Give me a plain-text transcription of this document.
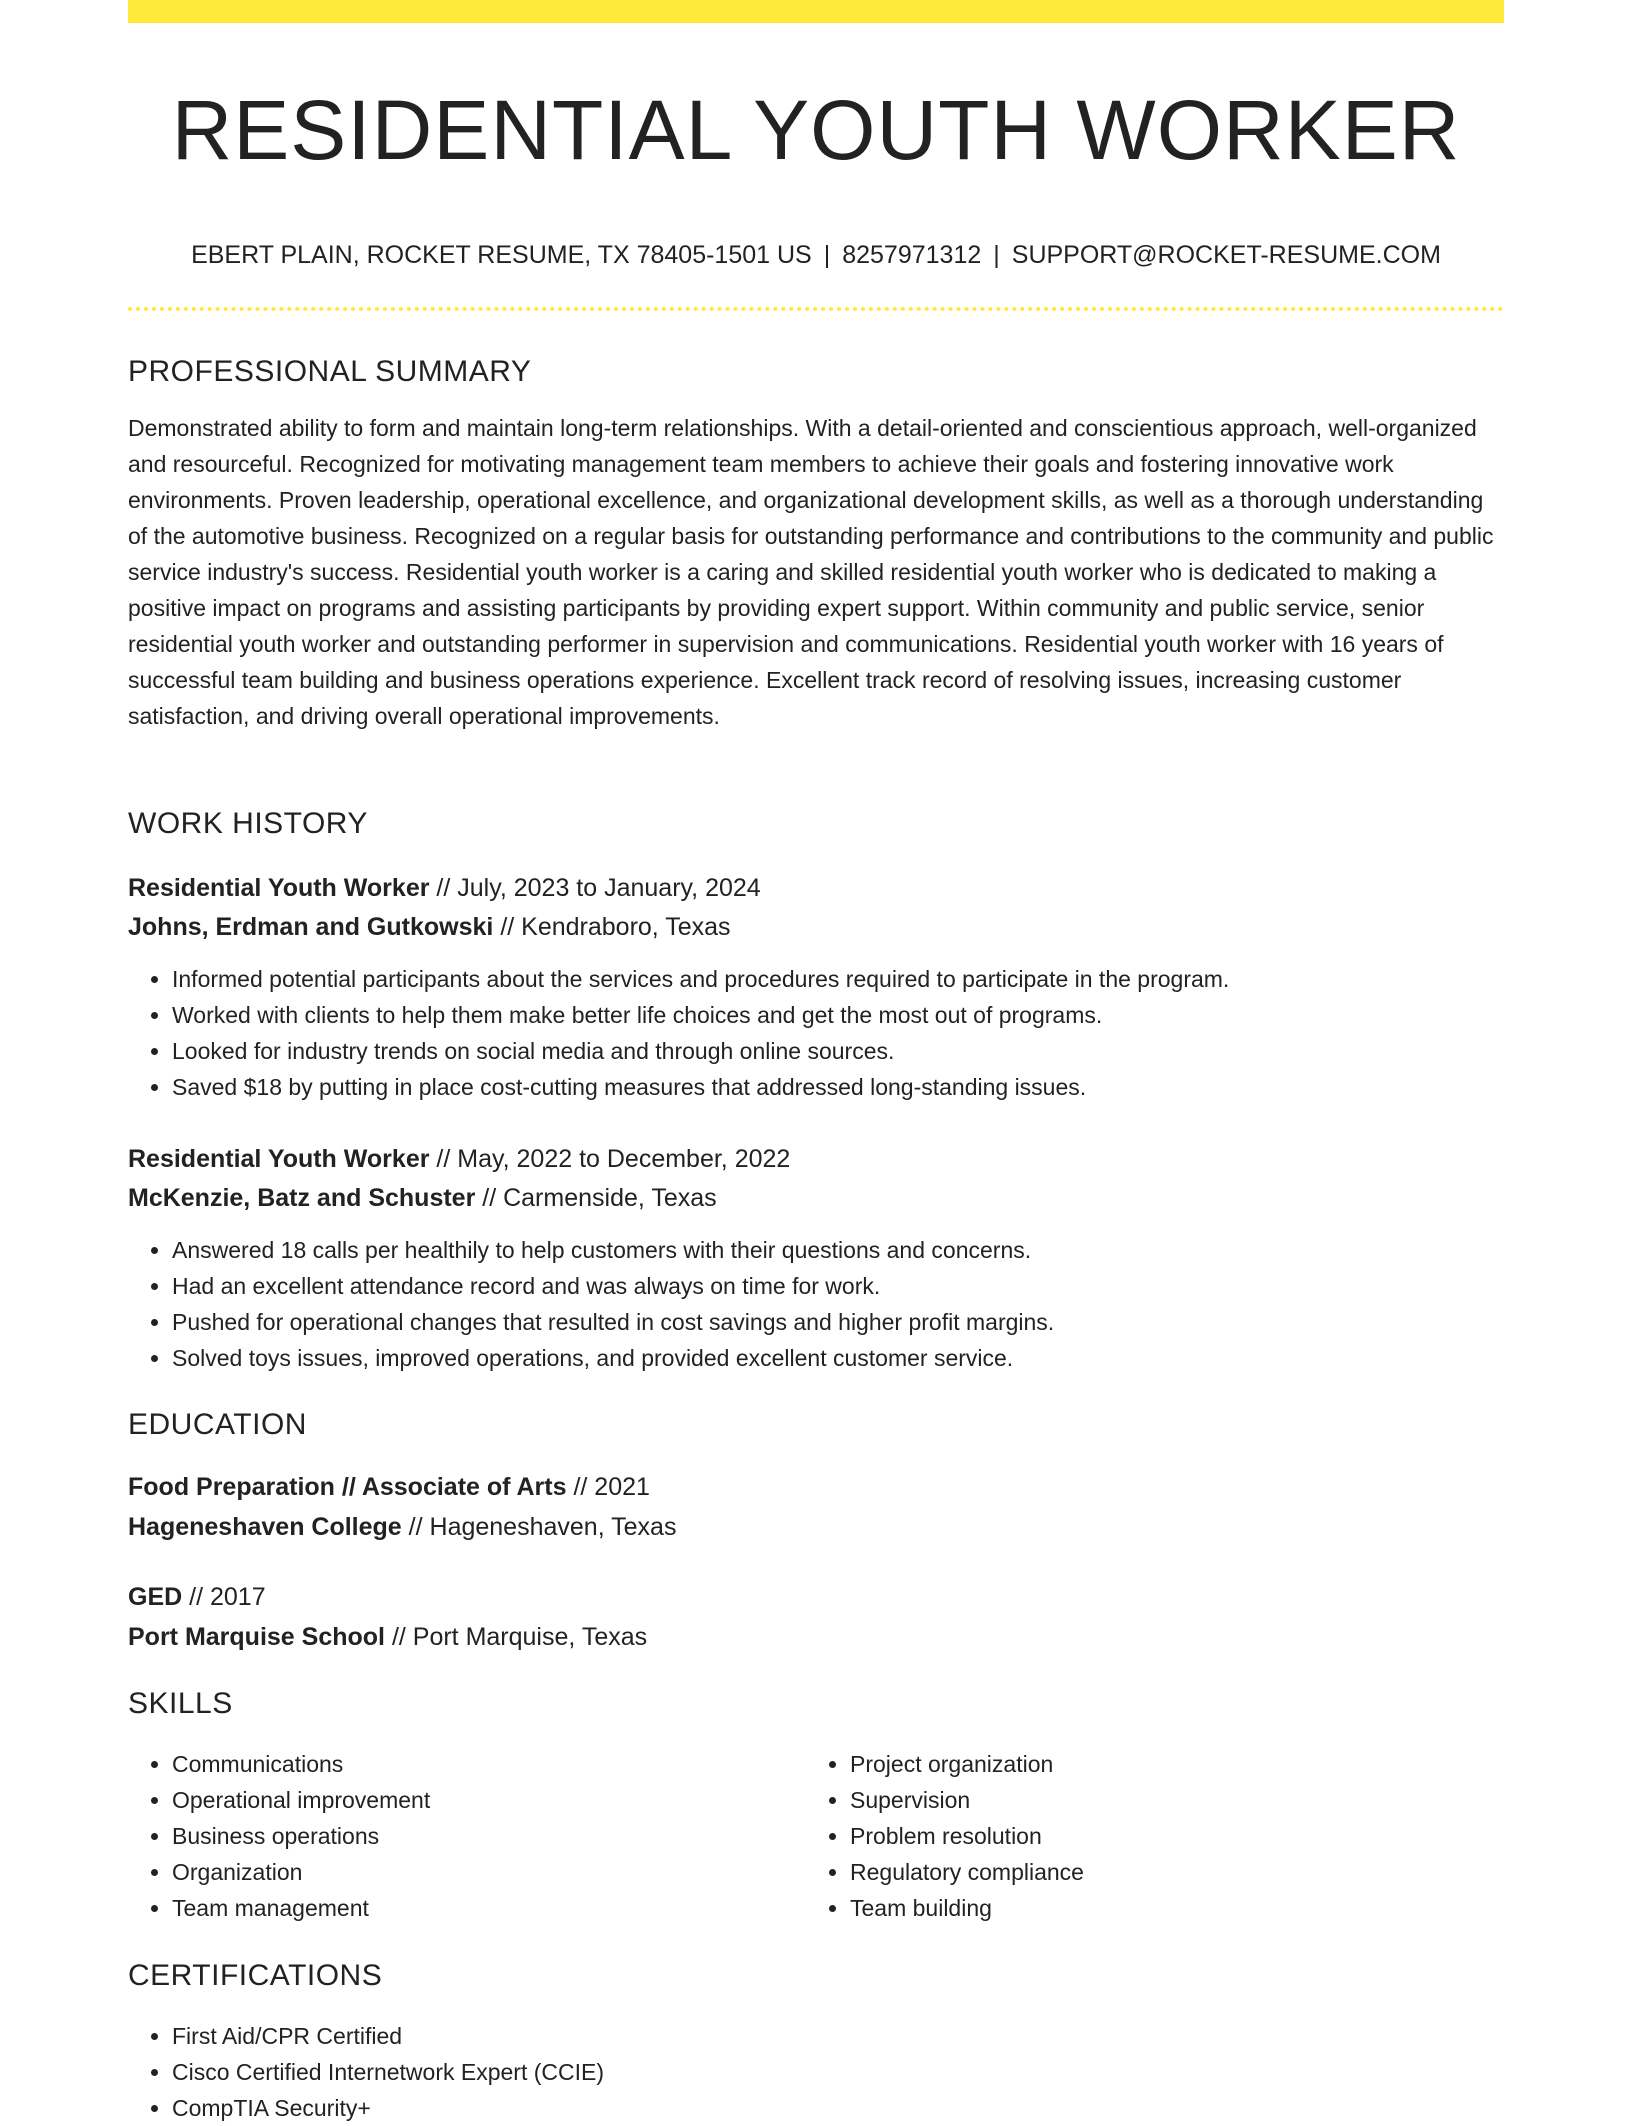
RESIDENTIAL YOUTH WORKER
EBERT PLAIN, ROCKET RESUME, TX 78405-1501 US | 8257971312 | SUPPORT@ROCKET-RESUME.COM
PROFESSIONAL SUMMARY

Demonstrated ability to form and maintain long-term relationships. With a detail-oriented and conscientious approach, well-organized and resourceful. Recognized for motivating management team members to achieve their goals and fostering innovative work environments. Proven leadership, operational excellence, and organizational development skills, as well as a thorough understanding of the automotive business. Recognized on a regular basis for outstanding performance and contributions to the community and public service industry's success. Residential youth worker is a caring and skilled residential youth worker who is dedicated to making a positive impact on programs and assisting participants by providing expert support. Within community and public service, senior residential youth worker and outstanding performer in supervision and communications. Residential youth worker with 16 years of successful team building and business operations experience. Excellent track record of resolving issues, increasing customer satisfaction, and driving overall operational improvements.

WORK HISTORY
Residential Youth Worker // July, 2023 to January, 2024
Johns, Erdman and Gutkowski // Kendraboro, Texas
• Informed potential participants about the services and procedures required to participate in the program.
• Worked with clients to help them make better life choices and get the most out of programs.
• Looked for industry trends on social media and through online sources.
• Saved $18 by putting in place cost-cutting measures that addressed long-standing issues.
Residential Youth Worker // May, 2022 to December, 2022
McKenzie, Batz and Schuster // Carmenside, Texas
• Answered 18 calls per healthily to help customers with their questions and concerns.
• Had an excellent attendance record and was always on time for work.
• Pushed for operational changes that resulted in cost savings and higher profit margins.
• Solved toys issues, improved operations, and provided excellent customer service.
EDUCATION
Food Preparation // Associate of Arts // 2021
Hageneshaven College // Hageneshaven, Texas
GED // 2017
Port Marquise School // Port Marquise, Texas
SKILLS
• Communications
• Operational improvement
• Business operations
• Organization
• Team management
• Project organization
• Supervision
• Problem resolution
• Regulatory compliance
• Team building
CERTIFICATIONS
• First Aid/CPR Certified
• Cisco Certified Internetwork Expert (CCIE)
• CompTIA Security+
